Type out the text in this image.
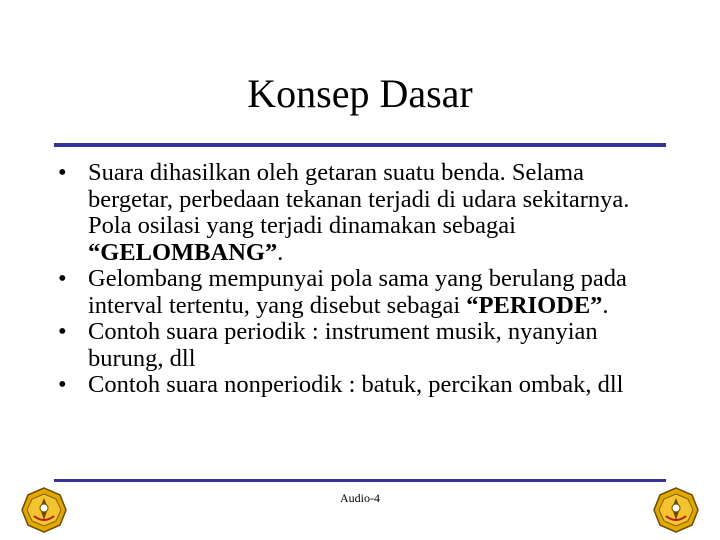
Konsep Dasar
• Suara dihasilkan oleh getaran suatu benda. Selama bergetar, perbedaan tekanan terjadi di udara sekitarnya. Pola osilasi yang terjadi dinamakan sebagai “GELOMBANG”.
• Gelombang mempunyai pola sama yang berulang pada interval tertentu, yang disebut sebagai “PERIODE”.
• Contoh suara periodik : instrument musik, nyanyian burung, dll
• Contoh suara nonperiodik : batuk, percikan ombak, dll
Audio-4
